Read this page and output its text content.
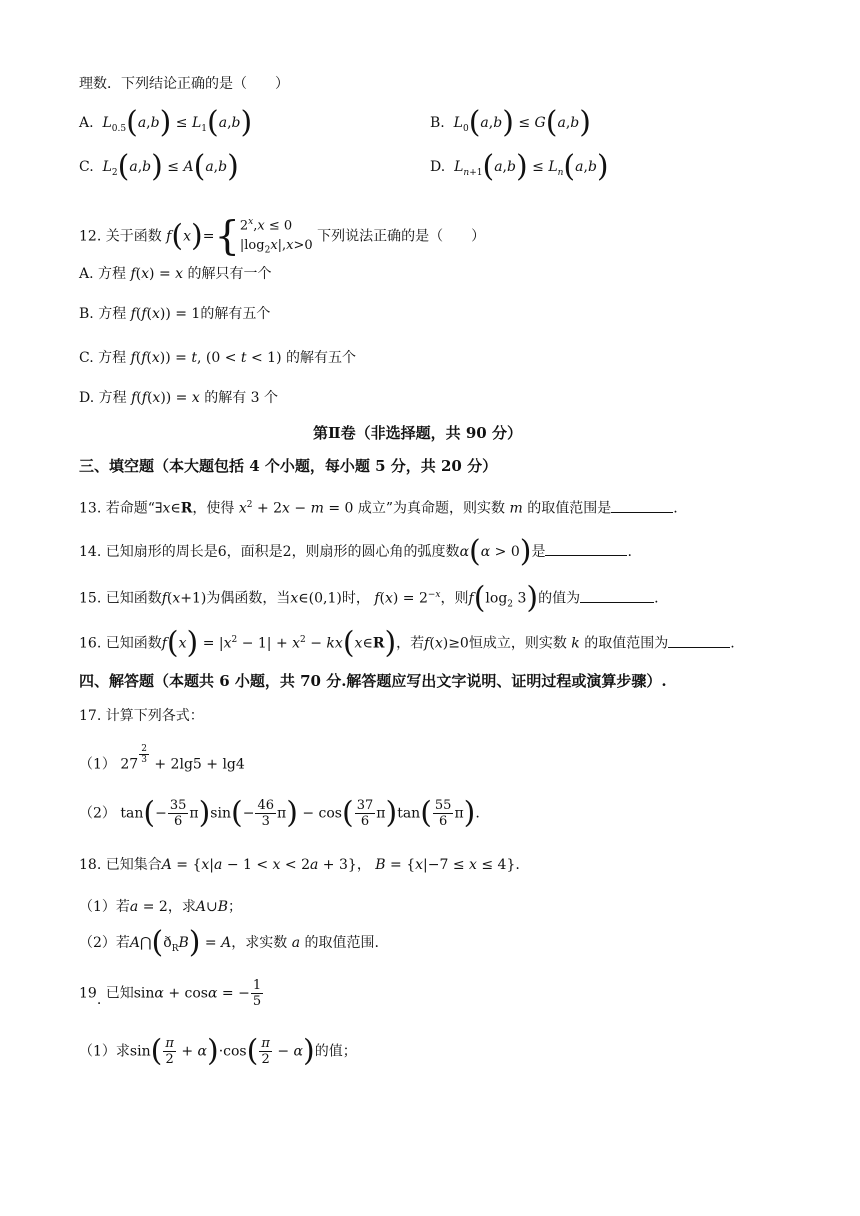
理数．下列结论正确的是（　　）
A. $L_{0.5}(a,b) \le L_1(a,b)$	B. $L_0(a,b) \le G(a,b)$
C. $L_2(a,b) \le A(a,b)$	D. $L_{n+1}(a,b) \le L_n(a,b)$
12. 关于函数 f(x)={ $2^x,x \le 0$
$|\log_2x|,x>0$
下列说法正确的是（　　）
A. 方程 f(x) = x 的解只有一个
B. 方程 f(f(x)) = 1的解有五个
C. 方程 f(f(x)) = t, (0 < t < 1) 的解有五个
D. 方程 f(f(x)) = x 的解有 3 个
第Ⅱ卷（非选择题，共 90 分）
三、填空题（本大题包括 4 个小题，每小题 5 分，共 20 分）
13. 若命题“∃x∈R，使得 $x^2 + 2x - m = 0$ 成立”为真命题，则实数 m 的取值范围是	.
14. 已知扇形的周长是6，面积是2，则扇形的圆心角的弧度数α(α > 0)是	.
15. 已知函数f(x+1)为偶函数，当x∈(0,1)时， $f(x) = 2^{-x}$，则$f(\log_2$ 3)的值为	.
16. 已知函数$f(x) = |x^2 - 1| + x^2$ − kx(x∈R)，若f(x)≥0恒成立，则实数 k 的取值范围为	.
四、解答题（本题共 6 小题，共 70 分.解答题应写出文字说明、证明过程或演算步骤）.
17. 计算下列各式：
（1） 27 $^{\frac{2}{3}}$ + 2lg5 + lg4
（2） $\tan(- \frac{35}{6} \pi)\sin(- \frac{46}{3} \pi) - \cos( \frac{37}{6} \pi)\tan( \frac{55}{6} \pi)$.
18. 已知集合A = {x|a − 1 < x < 2a + 3}， B = {x|−7 ≤ x ≤ 4}.
（1）若a = 2，求A∪B；
（2）若$A⋂(ð_RB) = A$，求实数 a 的取值范围.
19. 已知sinα + cosα = − $\frac{1}{5}$
（1）求$\sin( \frac{\pi}{2} + \alpha)\cdot\cos( \frac{\pi}{2} - \alpha)$的值；
